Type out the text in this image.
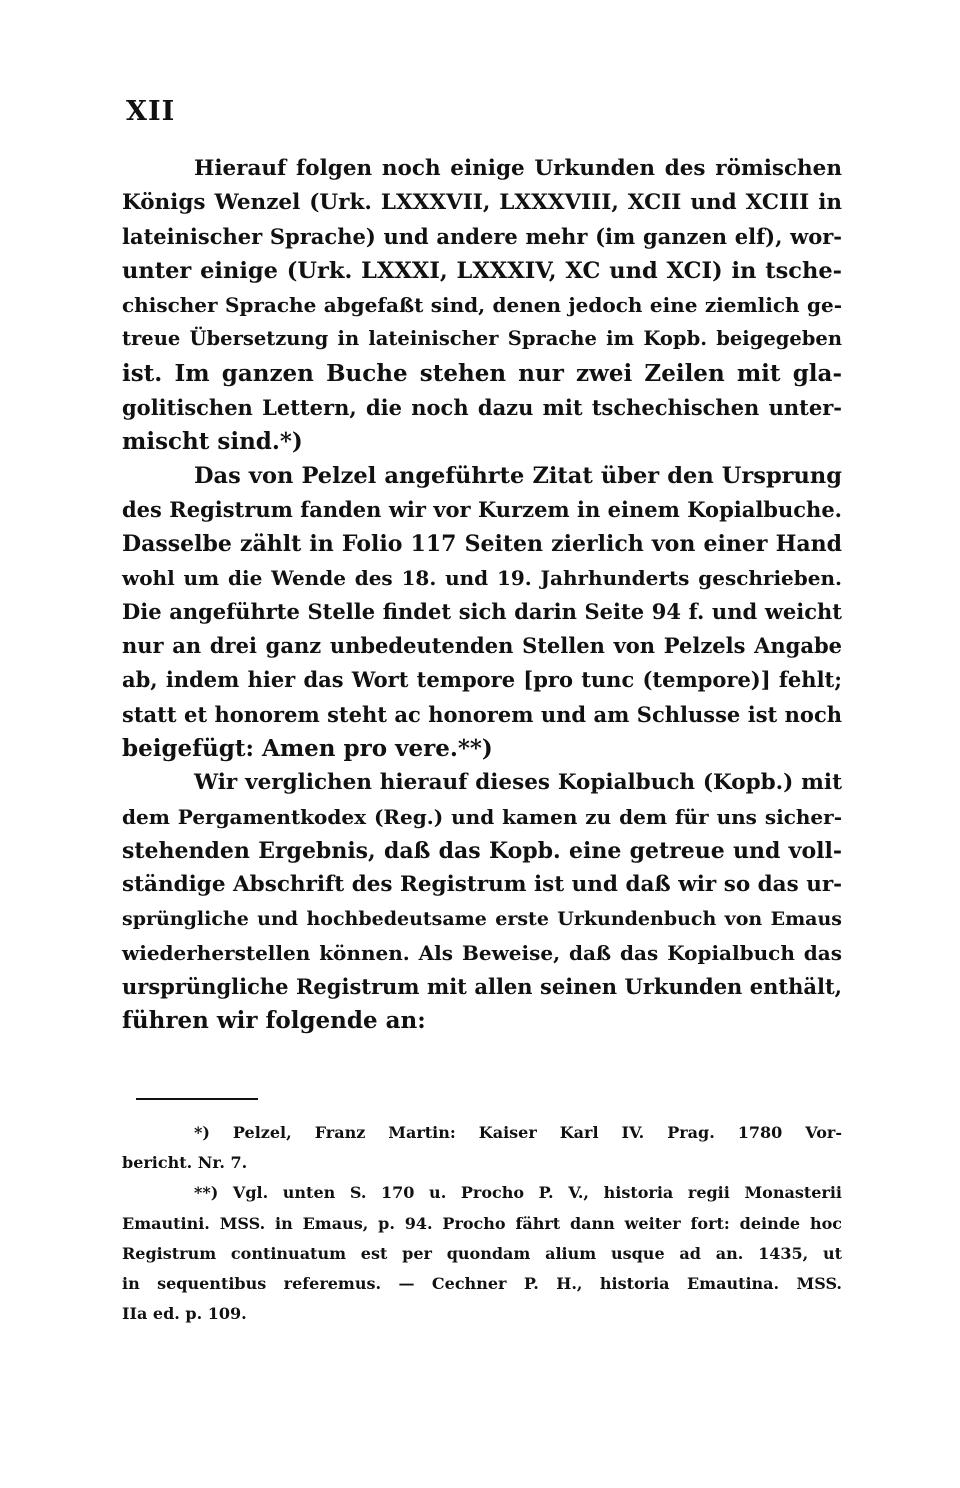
XII

Hierauf folgen noch einige Urkunden des römischen
Königs Wenzel (Urk. LXXXVII, LXXXVIII, XCII und XCIII in
lateinischer Sprache) und andere mehr (im ganzen elf), wor-
unter einige (Urk. LXXXI, LXXXIV, XC und XCI) in tsche-
chischer Sprache abgefaßt sind, denen jedoch eine ziemlich ge-
treue Übersetzung in lateinischer Sprache im Kopb. beigegeben
ist. Im ganzen Buche stehen nur zwei Zeilen mit gla-
golitischen Lettern, die noch dazu mit tschechischen unter-
mischt sind.*)

Das von Pelzel angeführte Zitat über den Ursprung
des Registrum fanden wir vor Kurzem in einem Kopialbuche.
Dasselbe zählt in Folio 117 Seiten zierlich von einer Hand
wohl um die Wende des 18. und 19. Jahrhunderts geschrieben.
Die angeführte Stelle findet sich darin Seite 94 f. und weicht
nur an drei ganz unbedeutenden Stellen von Pelzels Angabe
ab, indem hier das Wort tempore [pro tunc (tempore)] fehlt;
statt et honorem steht ac honorem und am Schlusse ist noch
beigefügt: Amen pro vere.**)

Wir verglichen hierauf dieses Kopialbuch (Kopb.) mit
dem Pergamentkodex (Reg.) und kamen zu dem für uns sicher-
stehenden Ergebnis, daß das Kopb. eine getreue und voll-
ständige Abschrift des Registrum ist und daß wir so das ur-
sprüngliche und hochbedeutsame erste Urkundenbuch von Emaus
wiederherstellen können. Als Beweise, daß das Kopialbuch das
ursprüngliche Registrum mit allen seinen Urkunden enthält,
führen wir folgende an:

*) Pelzel, Franz Martin: Kaiser Karl IV. Prag. 1780 Vor-
bericht. Nr. 7.
**) Vgl. unten S. 170 u. Procho P. V., historia regii Monasterii
Emautini. MSS. in Emaus, p. 94. Procho fährt dann weiter fort: deinde hoc
Registrum continuatum est per quondam alium usque ad an. 1435, ut
in sequentibus referemus. — Cechner P. H., historia Emautina. MSS.
IIa ed. p. 109.
